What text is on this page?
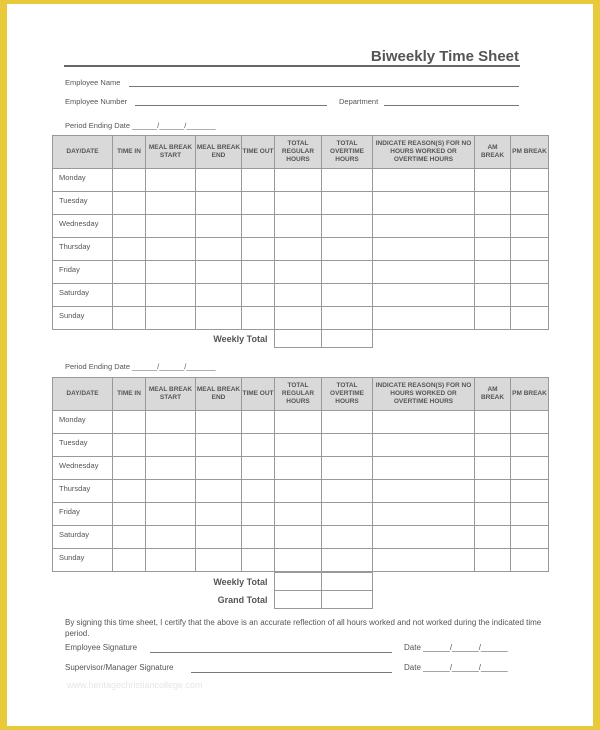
Biweekly Time Sheet
Employee Name
Employee Number	Department
Period Ending Date ______/______/_______
DAY/DATE	TIME IN	MEAL BREAK START	MEAL BREAK END	TIME OUT	TOTAL REGULAR HOURS	TOTAL OVERTIME HOURS	INDICATE REASON(S) FOR NO HOURS WORKED OR OVERTIME HOURS	AM BREAK	PM BREAK
Monday									
Tuesday									
Wednesday									
Thursday									
Friday									
Saturday									
Sunday									
Weekly Total			
Period Ending Date ______/______/_______
DAY/DATE	TIME IN	MEAL BREAK START	MEAL BREAK END	TIME OUT	TOTAL REGULAR HOURS	TOTAL OVERTIME HOURS	INDICATE REASON(S) FOR NO HOURS WORKED OR OVERTIME HOURS	AM BREAK	PM BREAK
Monday									
Tuesday									
Wednesday									
Thursday									
Friday									
Saturday									
Sunday									
Weekly Total			
Grand Total			
By signing this time sheet, I certify that the above is an accurate reflection of all hours worked and not worked during the indicated time period.
Employee Signature	Date ______/______/______
Supervisor/Manager Signature	Date ______/______/______
www.heritagechristiancollege.com
